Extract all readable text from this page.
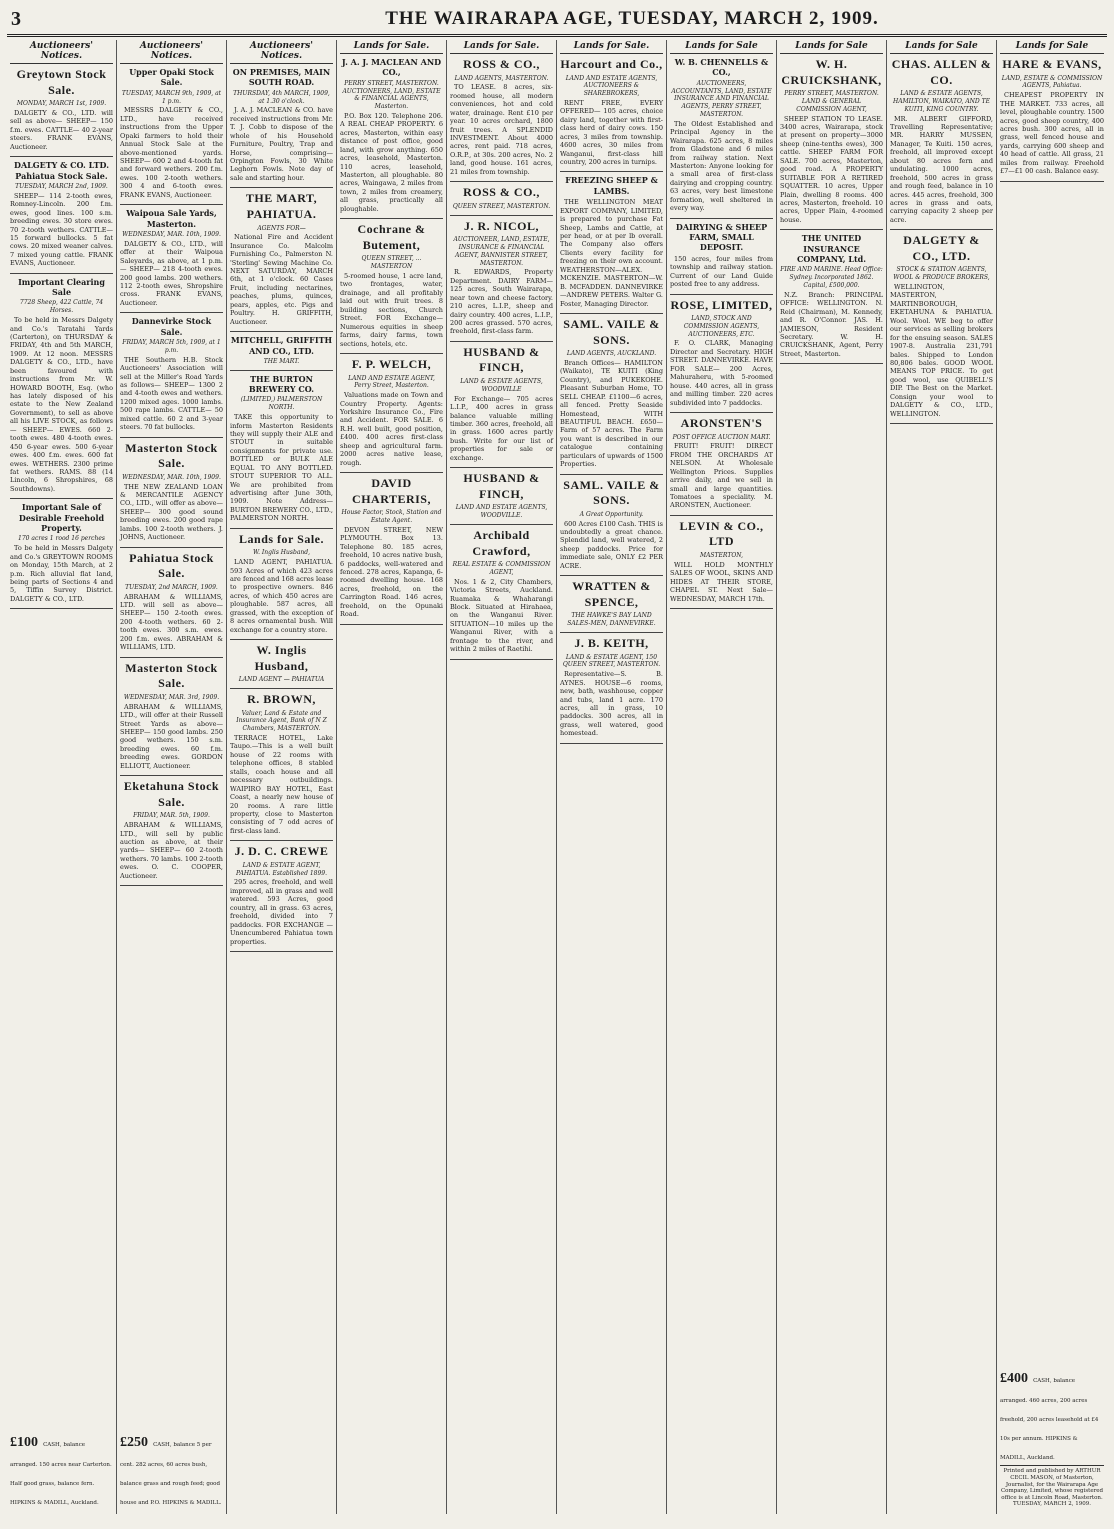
3	THE WAIRARAPA AGE, TUESDAY, MARCH 2, 1909.
Auctioneers' Notices.
Greytown Stock Sale.
MONDAY, MARCH 1st, 1909.

DALGETY & CO., LTD. will sell as above— SHEEP— 150 f.m. ewes. CATTLE— 40 2-year steers. FRANK EVANS, Auctioneer.

DALGETY & CO. LTD. Pahiatua Stock Sale.
TUESDAY, MARCH 2nd, 1909.

SHEEP— 114 2-tooth ewes, Romney-Lincoln. 200 f.m. ewes, good lines. 100 s.m. breeding ewes. 30 store ewes. 70 2-tooth wethers. CATTLE— 15 forward bullocks. 5 fat cows. 20 mixed weaner calves. 7 mixed young cattle. FRANK EVANS, Auctioneer.

Important Clearing Sale
7728 Sheep, 422 Cattle, 74 Horses.

To be held in Messrs Dalgety and Co.'s Taratahi Yards (Carterton), on THURSDAY & FRIDAY, 4th and 5th MARCH, 1909. At 12 noon. MESSRS DALGETY & CO., LTD., have been favoured with instructions from Mr. W. HOWARD BOOTH, Esq. (who has lately disposed of his estate to the New Zealand Government), to sell as above all his LIVE STOCK, as follows— SHEEP— EWES. 660 2-tooth ewes. 480 4-tooth ewes. 450 6-year ewes. 500 6-year ewes. 400 f.m. ewes. 600 fat ewes. WETHERS. 2300 prime fat wethers. RAMS. 88 (14 Lincoln, 6 Shropshires, 68 Southdowns).

Important Sale of Desirable Freehold Property.
170 acres 1 rood 16 perches

To be held in Messrs Dalgety and Co.'s GREYTOWN ROOMS on Monday, 15th March, at 2 p.m. Rich alluvial flat land, being parts of Sections 4 and 5, Tiffin Survey District. DALGETY & CO., LTD.

£100 CASH, balance arranged. 150 acres near Carterton. Half good grass, balance fern. HIPKINS & MADILL, Auckland.
Auctioneers' Notices.
Upper Opaki Stock Sale.
TUESDAY, MARCH 9th, 1909, at 1 p.m.

MESSRS DALGETY & CO., LTD., have received instructions from the Upper Opaki farmers to hold their Annual Stock Sale at the above-mentioned yards. SHEEP— 600 2 and 4-tooth fat and forward wethers. 200 f.m. ewes. 100 2-tooth wethers. 300 4 and 6-tooth ewes. FRANK EVANS, Auctioneer.

Waipoua Sale Yards, Masterton.
WEDNESDAY, MAR. 10th, 1909.

DALGETY & CO., LTD., will offer at their Waipoua Saleyards, as above, at 1 p.m.— SHEEP— 218 4-tooth ewes. 200 good lambs. 200 wethers. 112 2-tooth ewes, Shropshire cross. FRANK EVANS, Auctioneer.

Dannevirke Stock Sale.
FRIDAY, MARCH 5th, 1909, at 1 p.m.

THE Southern H.B. Stock Auctioneers' Association will sell at the Miller's Road Yards as follows— SHEEP— 1300 2 and 4-tooth ewes and wethers. 1200 mixed ages. 1000 lambs. 500 rape lambs. CATTLE— 50 mixed cattle. 60 2 and 3-year steers. 70 fat bullocks.

Masterton Stock Sale.
WEDNESDAY, MAR. 10th, 1909.

THE NEW ZEALAND LOAN & MERCANTILE AGENCY CO., LTD., will offer as above— SHEEP— 300 good sound breeding ewes. 200 good rape lambs. 100 2-tooth wethers. J. JOHNS, Auctioneer.

Pahiatua Stock Sale.
TUESDAY, 2nd MARCH, 1909.

ABRAHAM & WILLIAMS, LTD. will sell as above— SHEEP— 150 2-tooth ewes. 200 4-tooth wethers. 60 2-tooth ewes. 300 s.m. ewes. 200 f.m. ewes. ABRAHAM & WILLIAMS, LTD.

Masterton Stock Sale.
WEDNESDAY, MAR. 3rd, 1909.

ABRAHAM & WILLIAMS, LTD., will offer at their Russell Street Yards as above— SHEEP— 150 good lambs. 250 good wethers. 150 s.m. breeding ewes. 60 f.m. breeding ewes. GORDON ELLIOTT, Auctioneer.

Eketahuna Stock Sale.
FRIDAY, MAR. 5th, 1909.

ABRAHAM & WILLIAMS, LTD., will sell by public auction as above, at their yards— SHEEP— 60 2-tooth wethers. 70 lambs. 100 2-tooth ewes. O. C. COOPER, Auctioneer.

£250 CASH, balance 5 per cent. 282 acres, 60 acres bush, balance grass and rough feed; good house and P.O. HIPKINS & MADILL.
Auctioneers' Notices.
ON PREMISES, MAIN SOUTH ROAD.
THURSDAY, 4th MARCH, 1909, at 1.30 o'clock.

J. A. J. MACLEAN & CO. have received instructions from Mr. T. J. Cobb to dispose of the whole of his Household Furniture, Poultry, Trap and Horse, comprising— Orpington Fowls, 30 White Leghorn Fowls. Note day of sale and starting hour.

THE MART, PAHIATUA.
AGENTS FOR—

National Fire and Accident Insurance Co. Malcolm Furnishing Co., Palmerston N. 'Sterling' Sewing Machine Co. NEXT SATURDAY, MARCH 6th, at 1 o'clock. 60 Cases Fruit, including nectarines, peaches, plums, quinces, pears, apples, etc. Pigs and Poultry. H. GRIFFITH, Auctioneer.

MITCHELL, GRIFFITH AND CO., LTD.
THE MART.
THE BURTON BREWERY CO.
(LIMITED,) PALMERSTON NORTH.

TAKE this opportunity to inform Masterton Residents they will supply their ALE and STOUT in suitable consignments for private use. BOTTLED or BULK ALE EQUAL TO ANY BOTTLED. STOUT SUPERIOR TO ALL. We are prohibited from advertising after June 30th, 1909. Note Address— BURTON BREWERY CO., LTD., PALMERSTON NORTH.

Lands for Sale.
W. Inglis Husband,

LAND AGENT, PAHIATUA. 593 Acres of which 423 acres are fenced and 168 acres lease to prospective owners. 846 acres, of which 450 acres are ploughable. 587 acres, all grassed, with the exception of 8 acres ornamental bush. Will exchange for a country store.

W. Inglis Husband,
LAND AGENT — PAHIATUA
R. BROWN,
Valuer, Land & Estate and Insurance Agent, Bank of N Z Chambers, MASTERTON.

TERRACE HOTEL, Lake Taupo.—This is a well built house of 22 rooms with telephone offices, 8 stabled stalls, coach house and all necessary outbuildings. WAIPIRO BAY HOTEL, East Coast, a nearly new house of 20 rooms. A rare little property, close to Masterton consisting of 7 odd acres of first-class land.

J. D. C. CREWE
LAND & ESTATE AGENT, PAHIATUA. Established 1899.

295 acres, freehold, and well improved, all in grass and well watered. 593 Acres, good country, all in grass. 63 acres, freehold, divided into 7 paddocks. FOR EXCHANGE — Unencumbered Pahiatua town properties.

Lands for Sale.
J. A. J. MACLEAN AND CO.,
PERRY STREET, MASTERTON. AUCTIONEERS, LAND, ESTATE & FINANCIAL AGENTS, Masterton.

P.O. Box 120. Telephone 206. A REAL CHEAP PROPERTY. 6 acres, Masterton, within easy distance of post office, good land, with grow anything. 650 acres, leasehold, Masterton. 110 acres, leasehold, Masterton, all ploughable. 80 acres, Waingawa, 2 miles from town, 2 miles from creamery, all grass, practically all ploughable.

Cochrane & Butement,
QUEEN STREET, ... MASTERTON

5-roomed house, 1 acre land, two frontages, water, drainage, and all profitably laid out with fruit trees. 8 building sections, Church Street. FOR Exchange—Numerous equities in sheep farms, dairy farms, town sections, hotels, etc.

F. P. WELCH,
LAND AND ESTATE AGENT, Perry Street, Masterton.

Valuations made on Town and Country Property. Agents: Yorkshire Insurance Co., Fire and Accident. FOR SALE. 6 R.H. well built, good position, £400. 400 acres first-class sheep and agricultural farm. 2000 acres native lease, rough.

DAVID CHARTERIS,
House Factor, Stock, Station and Estate Agent.

DEVON STREET, NEW PLYMOUTH. Box 13. Telephone 80. 185 acres, freehold, 10 acres native bush, 6 paddocks, well-watered and fenced. 278 acres, Kapanga, 6-roomed dwelling house. 168 acres, freehold, on the Carrington Road. 146 acres, freehold, on the Opunaki Road.

Lands for Sale.
ROSS & CO.,
LAND AGENTS, MASTERTON.

TO LEASE. 8 acres, six-roomed house, all modern conveniences, hot and cold water, drainage. Rent £10 per year. 10 acres orchard, 1800 fruit trees. A SPLENDID INVESTMENT. About 4000 acres, rent paid. 718 acres, O.R.P., at 30s. 200 acres, No. 2 land, good house. 161 acres, 21 miles from township.

ROSS & CO.,
QUEEN STREET, MASTERTON.
J. R. NICOL,
AUCTIONEER, LAND, ESTATE, INSURANCE & FINANCIAL AGENT, BANNISTER STREET, MASTERTON.

R. EDWARDS, Property Department. DAIRY FARM—125 acres, South Wairarapa, near town and cheese factory. 210 acres, L.I.P., sheep and dairy country. 400 acres, L.I.P., 200 acres grassed. 570 acres, freehold, first-class farm.

HUSBAND & FINCH,
LAND & ESTATE AGENTS, WOODVILLE

For Exchange— 705 acres L.I.P., 400 acres in grass balance valuable milling timber. 360 acres, freehold, all in grass. 1600 acres partly bush. Write for our list of properties for sale or exchange.

HUSBAND & FINCH,
LAND AND ESTATE AGENTS, WOODVILLE.
Archibald Crawford,
REAL ESTATE & COMMISSION AGENT,

Nos. 1 & 2, City Chambers, Victoria Streets, Auckland. Ruamaka & Whaharangi Block. Situated at Hirahaea, on the Wanganui River. SITUATION—10 miles up the Wanganui River, with a frontage to the river, and within 2 miles of Raetihi.

Lands for Sale.
Harcourt and Co.,
LAND AND ESTATE AGENTS, AUCTIONEERS & SHAREBROKERS,

RENT FREE, EVERY OFFERED— 105 acres, choice dairy land, together with first-class herd of dairy cows. 150 acres, 3 miles from township. 4600 acres, 30 miles from Wanganui, first-class hill country, 200 acres in turnips.

FREEZING SHEEP & LAMBS.

THE WELLINGTON MEAT EXPORT COMPANY, LIMITED, is prepared to purchase Fat Sheep, Lambs and Cattle, at per head, or at per lb overall. The Company also offers Clients every facility for freezing on their own account. WEATHERSTON—ALEX. MCKENZIE. MASTERTON—W. B. MCFADDEN. DANNEVIRKE—ANDREW PETERS. Walter G. Foster, Managing Director.

SAML. VAILE & SONS.
LAND AGENTS, AUCKLAND.

Branch Offices— HAMILTON (Waikato), TE KUITI (King Country), and PUKEKOHE. Pleasant Suburban Home, TO SELL CHEAP. £1100—6 acres, all fenced. Pretty Seaside Homestead, WITH BEAUTIFUL BEACH. £650—Farm of 57 acres. The Farm you want is described in our catalogue containing particulars of upwards of 1500 Properties.

SAML. VAILE & SONS.
A Great Opportunity.

600 Acres £100 Cash. THIS is undoubtedly a great chance. Splendid land, well watered, 2 sheep paddocks. Price for immediate sale, ONLY £2 PER ACRE.

WRATTEN & SPENCE,
THE HAWKE'S BAY LAND SALES-MEN, DANNEVIRKE.
J. B. KEITH,
LAND & ESTATE AGENT, 150 QUEEN STREET, MASTERTON.

Representative—S. B. AYNES. HOUSE—6 rooms, new, bath, washhouse, copper and tubs, land 1 acre. 170 acres, all in grass, 10 paddocks. 300 acres, all in grass, well watered, good homestead.

Lands for Sale
W. B. CHENNELLS & CO.,
AUCTIONEERS, ACCOUNTANTS, LAND, ESTATE INSURANCE AND FINANCIAL AGENTS, PERRY STREET, MASTERTON.

The Oldest Established and Principal Agency in the Wairarapa. 625 acres, 8 miles from Gladstone and 6 miles from railway station. Next Masterton: Anyone looking for a small area of first-class dairying and cropping country. 63 acres, very best limestone formation, well sheltered in every way.

DAIRYING & SHEEP FARM, SMALL DEPOSIT.

150 acres, four miles from township and railway station. Current of our Land Guide posted free to any address.

ROSE, LIMITED,
LAND, STOCK AND COMMISSION AGENTS, AUCTIONEERS, ETC.

F. O. CLARK, Managing Director and Secretary. HIGH STREET. DANNEVIRKE. HAVE FOR SALE— 200 Acres, Mahuraheru, with 5-roomed house. 440 acres, all in grass and milling timber. 220 acres subdivided into 7 paddocks.

ARONSTEN'S
POST OFFICE AUCTION MART.

FRUIT! FRUIT! DIRECT FROM THE ORCHARDS AT NELSON. At Wholesale Wellington Prices. Supplies arrive daily, and we sell in small and large quantities. Tomatoes a speciality. M. ARONSTEN, Auctioneer.

LEVIN & CO., LTD
MASTERTON,

WILL HOLD MONTHLY SALES OF WOOL, SKINS AND HIDES AT THEIR STORE, CHAPEL ST. Next Sale— WEDNESDAY, MARCH 17th.

Lands for Sale
W. H. CRUICKSHANK,
PERRY STREET, MASTERTON. LAND & GENERAL COMMISSION AGENT,

SHEEP STATION TO LEASE. 3400 acres, Wairarapa, stock at present on property—3000 sheep (nine-tenths ewes), 300 cattle. SHEEP FARM FOR SALE. 700 acres, Masterton, good road. A PROPERTY SUITABLE FOR A RETIRED SQUATTER. 10 acres, Upper Plain, dwelling 8 rooms. 400 acres, Masterton, freehold. 10 acres, Upper Plain, 4-roomed house.

THE UNITED INSURANCE COMPANY, Ltd.
FIRE AND MARINE. Head Office: Sydney. Incorporated 1862. Capital, £500,000.

N.Z. Branch: PRINCIPAL OFFICE: WELLINGTON. N. Reid (Chairman), M. Kennedy, and R. O'Connor. JAS. H. JAMIESON, Resident Secretary. W. H. CRUICKSHANK, Agent, Perry Street, Masterton.

Lands for Sale
CHAS. ALLEN & CO.
LAND & ESTATE AGENTS, HAMILTON, WAIKATO, AND TE KUITI, KING COUNTRY.

MR. ALBERT GIFFORD, Travelling Representative; MR. HARRY MUSSEN, Manager, Te Kuiti. 150 acres, freehold, all improved except about 80 acres fern and undulating. 1000 acres, freehold, 500 acres in grass and rough feed, balance in 10 acres. 445 acres, freehold, 300 acres in grass and oats, carrying capacity 2 sheep per acre.

DALGETY & CO., LTD.
STOCK & STATION AGENTS, WOOL & PRODUCE BROKERS,

WELLINGTON, MASTERTON, MARTINBOROUGH, EKETAHUNA & PAHIATUA. Wool. Wool. WE beg to offer our services as selling brokers for the ensuing season. SALES 1907-8. Australia 231,791 bales. Shipped to London 80,806 bales. GOOD WOOL MEANS TOP PRICE. To get good wool, use QUIBELL'S DIP. The Best on the Market. Consign your wool to DALGETY & CO., LTD., WELLINGTON.

Lands for Sale
HARE & EVANS,
LAND, ESTATE & COMMISSION AGENTS, Pahiatua.

CHEAPEST PROPERTY IN THE MARKET. 733 acres, all level, ploughable country. 1500 acres, good sheep country, 400 acres bush. 300 acres, all in grass, well fenced house and yards, carrying 600 sheep and 40 head of cattle. All grass, 21 miles from railway. Freehold £7—£1 00 cash. Balance easy.

£400 CASH, balance arranged. 460 acres, 200 acres freehold, 200 acres leasehold at £4 10s per annum. HIPKINS & MADILL, Auckland.
Printed and published by ARTHUR CECIL MASON, of Masterton, Journalist, for the Wairarapa Age Company, Limited, whose registered office is at Lincoln Road, Masterton. TUESDAY, MARCH 2, 1909.
